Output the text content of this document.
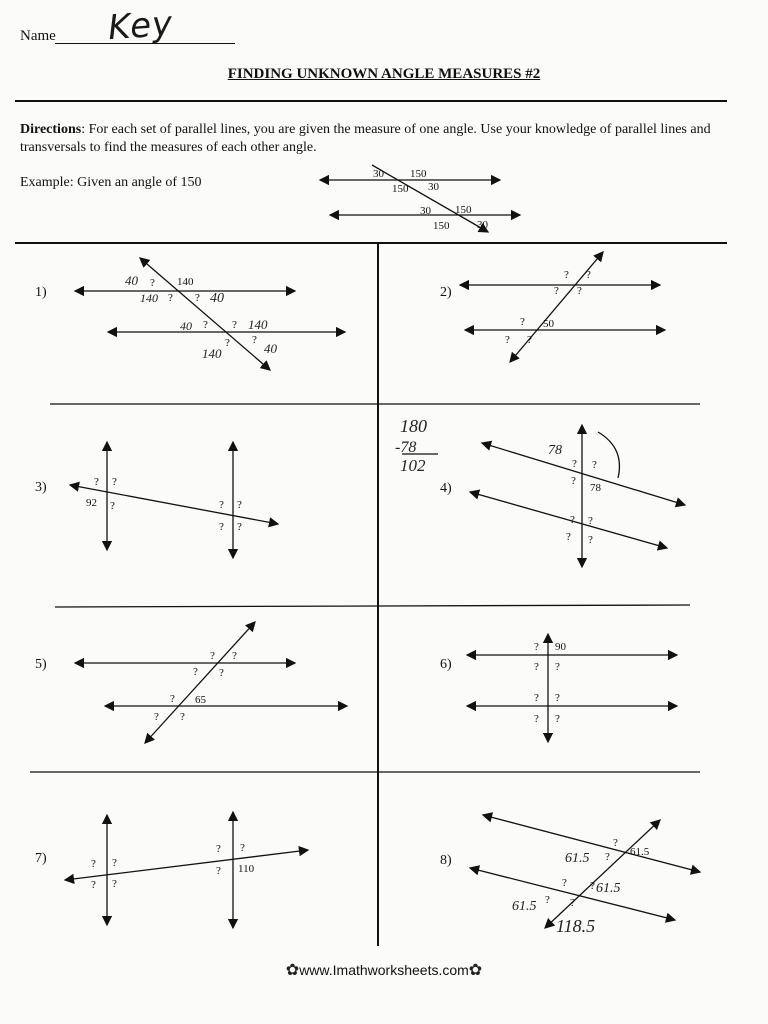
Name Key
FINDING UNKNOWN ANGLE MEASURES #2
Directions: For each set of parallel lines, you are given the measure of one angle. Use your knowledge of parallel lines and transversals to find the measures of each other angle.
Example: Given an angle of 150
30 150
150 30
30 150
150	30
1)	2)
3)	4)
5)	6)
7)	8)
? 140
? ?
? ?
? ?
? ?
? ?
? 50
? ?
? ?
92 ?	? ?
? ?
? ?
?
78
? ?
? ?
? ?
? ?
? 65
? ?
? 90
? ?
? ?
? ?
? ?
? ?
? ?
? 110
?
61.5
?
? ?
? ?
40
140	40
40	140
140	40
180
-78
102
78
61.5
61.5
61.5
118.5
✿www.Imathworksheets.com✿
